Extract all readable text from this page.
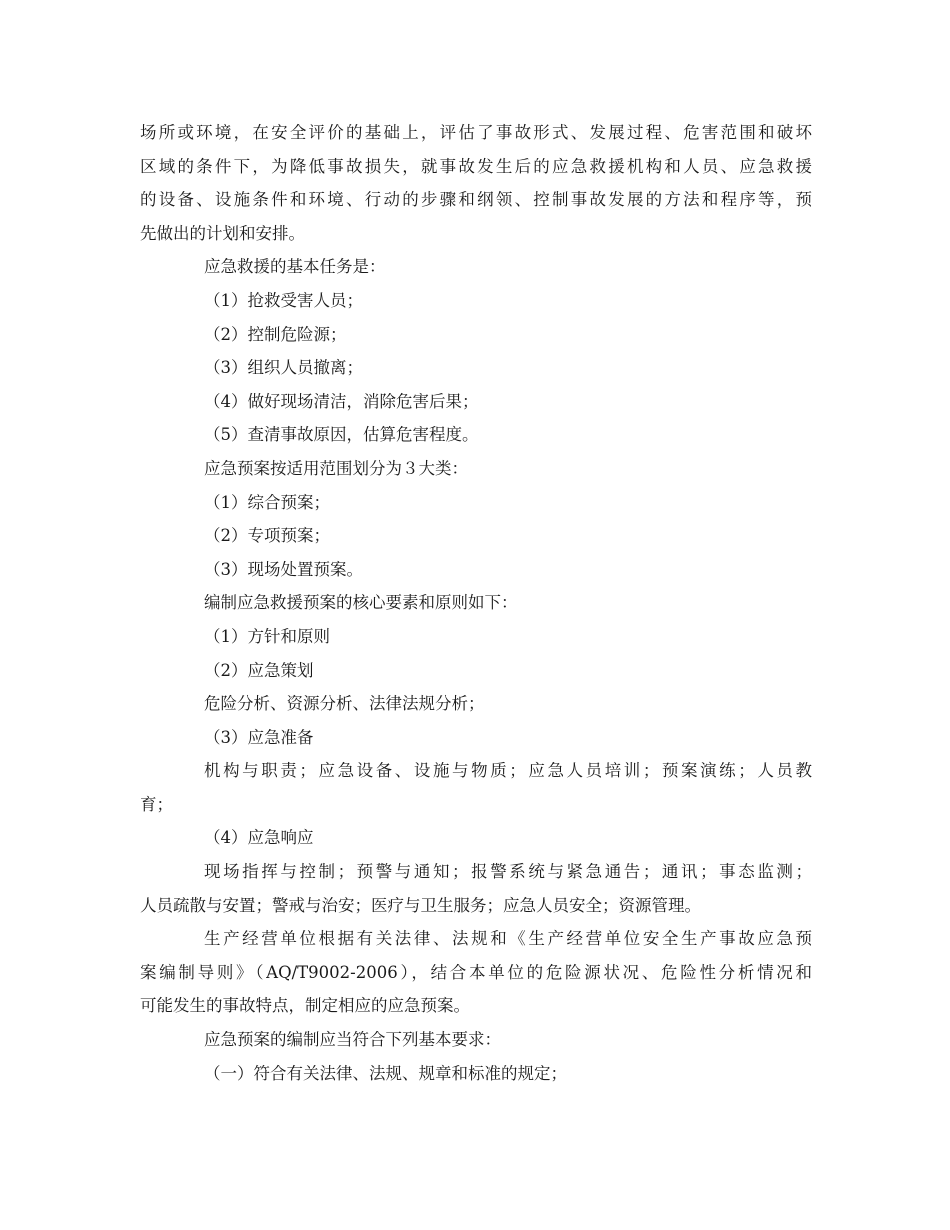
场所或环境，在安全评价的基础上，评估了事故形式、发展过程、危害范围和破坏
区域的条件下，为降低事故损失，就事故发生后的应急救援机构和人员、应急救援
的设备、设施条件和环境、行动的步骤和纲领、控制事故发展的方法和程序等，预
先做出的计划和安排。
应急救援的基本任务是：
（1）抢救受害人员；
（2）控制危险源；
（3）组织人员撤离；
（4）做好现场清洁，消除危害后果；
（5）查清事故原因，估算危害程度。
应急预案按适用范围划分为３大类：
（1）综合预案；
（2）专项预案；
（3）现场处置预案。
编制应急救援预案的核心要素和原则如下：
（1）方针和原则
（2）应急策划
危险分析、资源分析、法律法规分析；
（3）应急准备
机构与职责；应急设备、设施与物质；应急人员培训；预案演练；人员教
育；
（4）应急响应
现场指挥与控制；预警与通知；报警系统与紧急通告；通讯；事态监测；
人员疏散与安置；警戒与治安；医疗与卫生服务；应急人员安全；资源管理。
生产经营单位根据有关法律、法规和《生产经营单位安全生产事故应急预
案编制导则》（AQ/T9002-2006），结合本单位的危险源状况、危险性分析情况和
可能发生的事故特点，制定相应的应急预案。
应急预案的编制应当符合下列基本要求：
（一）符合有关法律、法规、规章和标准的规定；
